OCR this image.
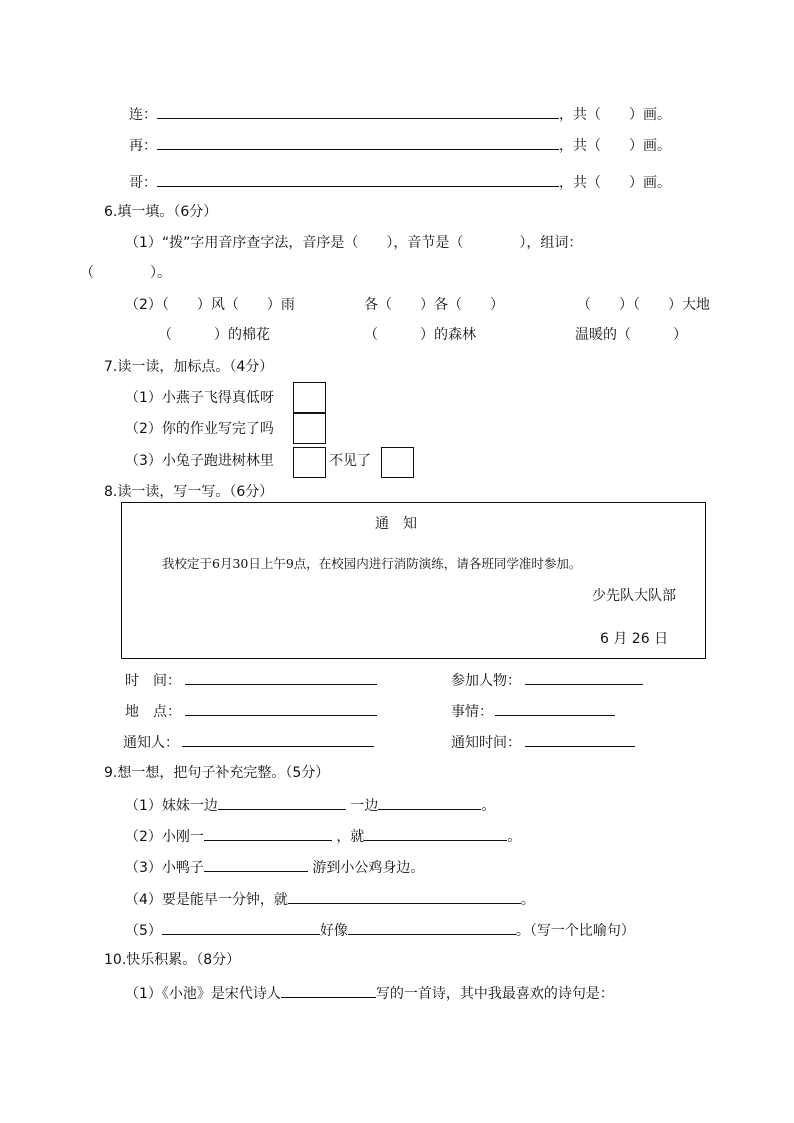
连：	，共（　　）画。
再：	，共（　　）画。
哥：	，共（　　）画。
6.填一填。（6分）
（1）“拨”字用音序查字法，音序是（　　），音节是（　　　　），组词：
（　　　　）。
（2）（　　）风（　　）雨	各（　　）各（　　）	（　　）（　　）大地
（　　　）的棉花	（　　　）的森林	温暖的（　　　）
7.读一读，加标点。（4分）
（1）小燕子飞得真低呀
（2）你的作业写完了吗
（3）小兔子跑进树林里	不见了
8.读一读，写一写。（6分）
通　知
我校定于6月30日上午9点，在校园内进行消防演练，请各班同学准时参加。
少先队大队部
6 月 26 日
时　间：	参加人物：
地　点：	事情：
通知人：	通知时间：
9.想一想，把句子补充完整。（5分）
（1）妹妹一边	一边	。
（2）小刚一	，就	。
（3）小鸭子	游到小公鸡身边。
（4）要是能早一分钟，就	。
（5）	好像	。（写一个比喻句）
10.快乐积累。（8分）
（1）《小池》是宋代诗人	写的一首诗，其中我最喜欢的诗句是：
